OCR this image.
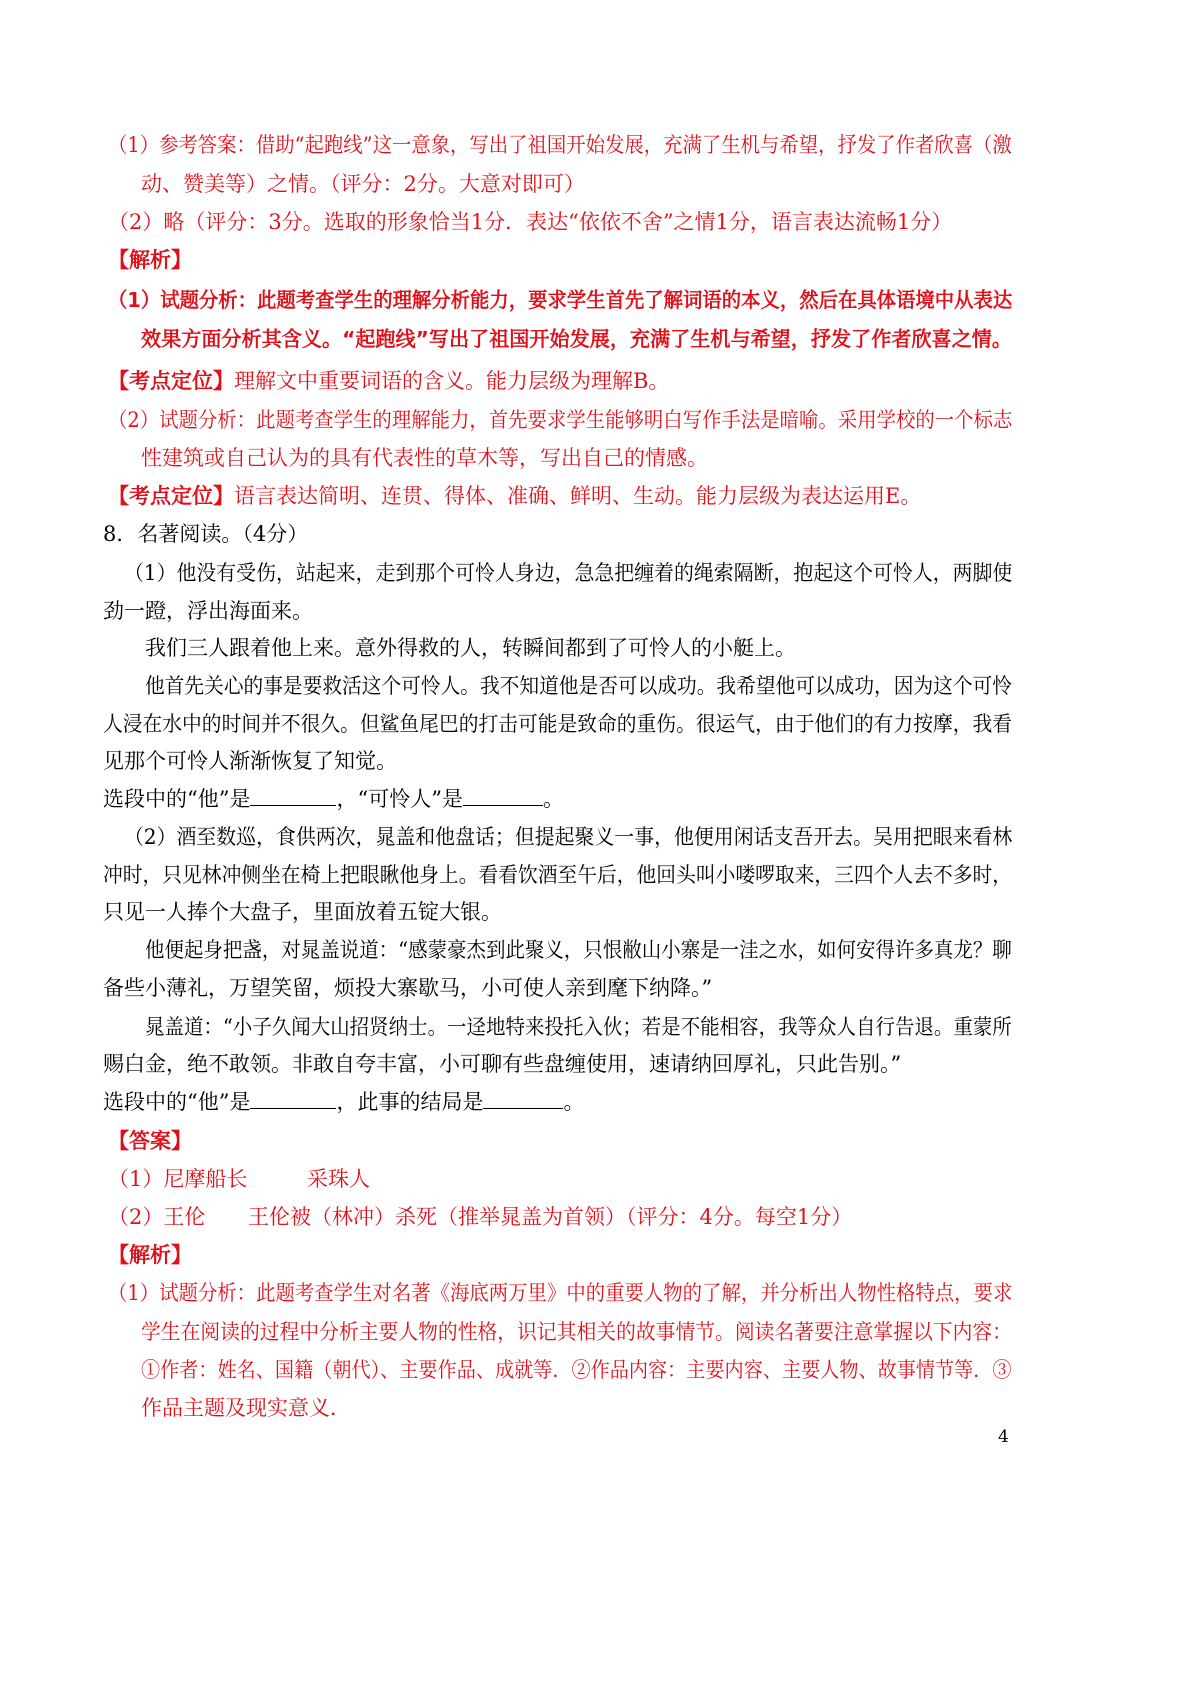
（1）参考答案：借助“起跑线”这一意象，写出了祖国开始发展，充满了生机与希望，抒发了作者欣喜（激
动、赞美等）之情。（评分：2分。大意对即可）
（2）略（评分：3分。选取的形象恰当1分．表达“依依不舍”之情1分，语言表达流畅1分）
【解析】
（1）试题分析：此题考查学生的理解分析能力，要求学生首先了解词语的本义，然后在具体语境中从表达
效果方面分析其含义。“起跑线”写出了祖国开始发展，充满了生机与希望，抒发了作者欣喜之情。
【考点定位】理解文中重要词语的含义。能力层级为理解B。
（2）试题分析：此题考查学生的理解能力，首先要求学生能够明白写作手法是暗喻。采用学校的一个标志
性建筑或自己认为的具有代表性的草木等，写出自己的情感。
【考点定位】语言表达简明、连贯、得体、准确、鲜明、生动。能力层级为表达运用E。
8．名著阅读。（4分）
（1）他没有受伤，站起来，走到那个可怜人身边，急急把缠着的绳索隔断，抱起这个可怜人，两脚使
劲一蹬，浮出海面来。
我们三人跟着他上来。意外得救的人，转瞬间都到了可怜人的小艇上。
他首先关心的事是要救活这个可怜人。我不知道他是否可以成功。我希望他可以成功，因为这个可怜
人浸在水中的时间并不很久。但鲨鱼尾巴的打击可能是致命的重伤。很运气，由于他们的有力按摩，我看
见那个可怜人渐渐恢复了知觉。
选段中的“他”是	，“可怜人”是	。
（2）酒至数巡，食供两次，晁盖和他盘话；但提起聚义一事，他便用闲话支吾开去。吴用把眼来看林
冲时，只见林冲侧坐在椅上把眼瞅他身上。看看饮酒至午后，他回头叫小喽啰取来，三四个人去不多时，
只见一人捧个大盘子，里面放着五锭大银。
他便起身把盏，对晁盖说道：“感蒙豪杰到此聚义，只恨敝山小寨是一洼之水，如何安得许多真龙？聊
备些小薄礼，万望笑留，烦投大寨歇马，小可使人亲到麾下纳降。”
晁盖道：“小子久闻大山招贤纳士。一迳地特来投托入伙；若是不能相容，我等众人自行告退。重蒙所
赐白金，绝不敢领。非敢自夸丰富，小可聊有些盘缠使用，速请纳回厚礼，只此告别。”
选段中的“他”是	，此事的结局是	。
【答案】
（1）尼摩船长	采珠人
（2）王伦 王伦被（林冲）杀死（推举晁盖为首领）（评分：4分。每空1分）
【解析】
（1）试题分析：此题考查学生对名著《海底两万里》中的重要人物的了解，并分析出人物性格特点，要求
学生在阅读的过程中分析主要人物的性格，识记其相关的故事情节。阅读名著要注意掌握以下内容：
①作者：姓名、国籍（朝代）、主要作品、成就等．②作品内容：主要内容、主要人物、故事情节等．③
作品主题及现实意义．
4
